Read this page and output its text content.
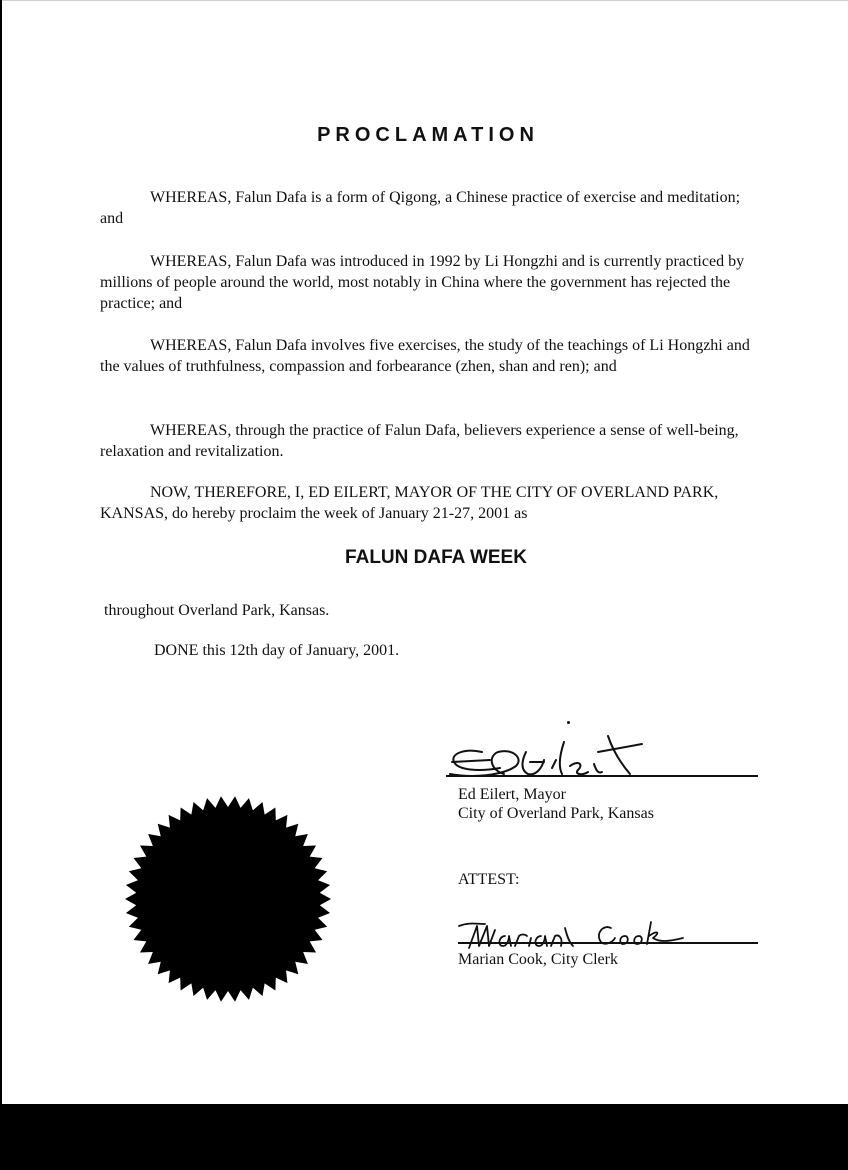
PROCLAMATION

WHEREAS, Falun Dafa is a form of Qigong, a Chinese practice of exercise and meditation; and

WHEREAS, Falun Dafa was introduced in 1992 by Li Hongzhi and is currently practiced by millions of people around the world, most notably in China where the government has rejected the practice; and

WHEREAS, Falun Dafa involves five exercises, the study of the teachings of Li Hongzhi and the values of truthfulness, compassion and forbearance (zhen, shan and ren); and

WHEREAS, through the practice of Falun Dafa, believers experience a sense of well-being, relaxation and revitalization.

NOW, THEREFORE, I, ED EILERT, MAYOR OF THE CITY OF OVERLAND PARK, KANSAS, do hereby proclaim the week of January 21-27, 2001 as

FALUN DAFA WEEK
throughout Overland Park, Kansas.
DONE this 12th day of January, 2001.
Ed Eilert, Mayor
City of Overland Park, Kansas
ATTEST:
Marian Cook, City Clerk
